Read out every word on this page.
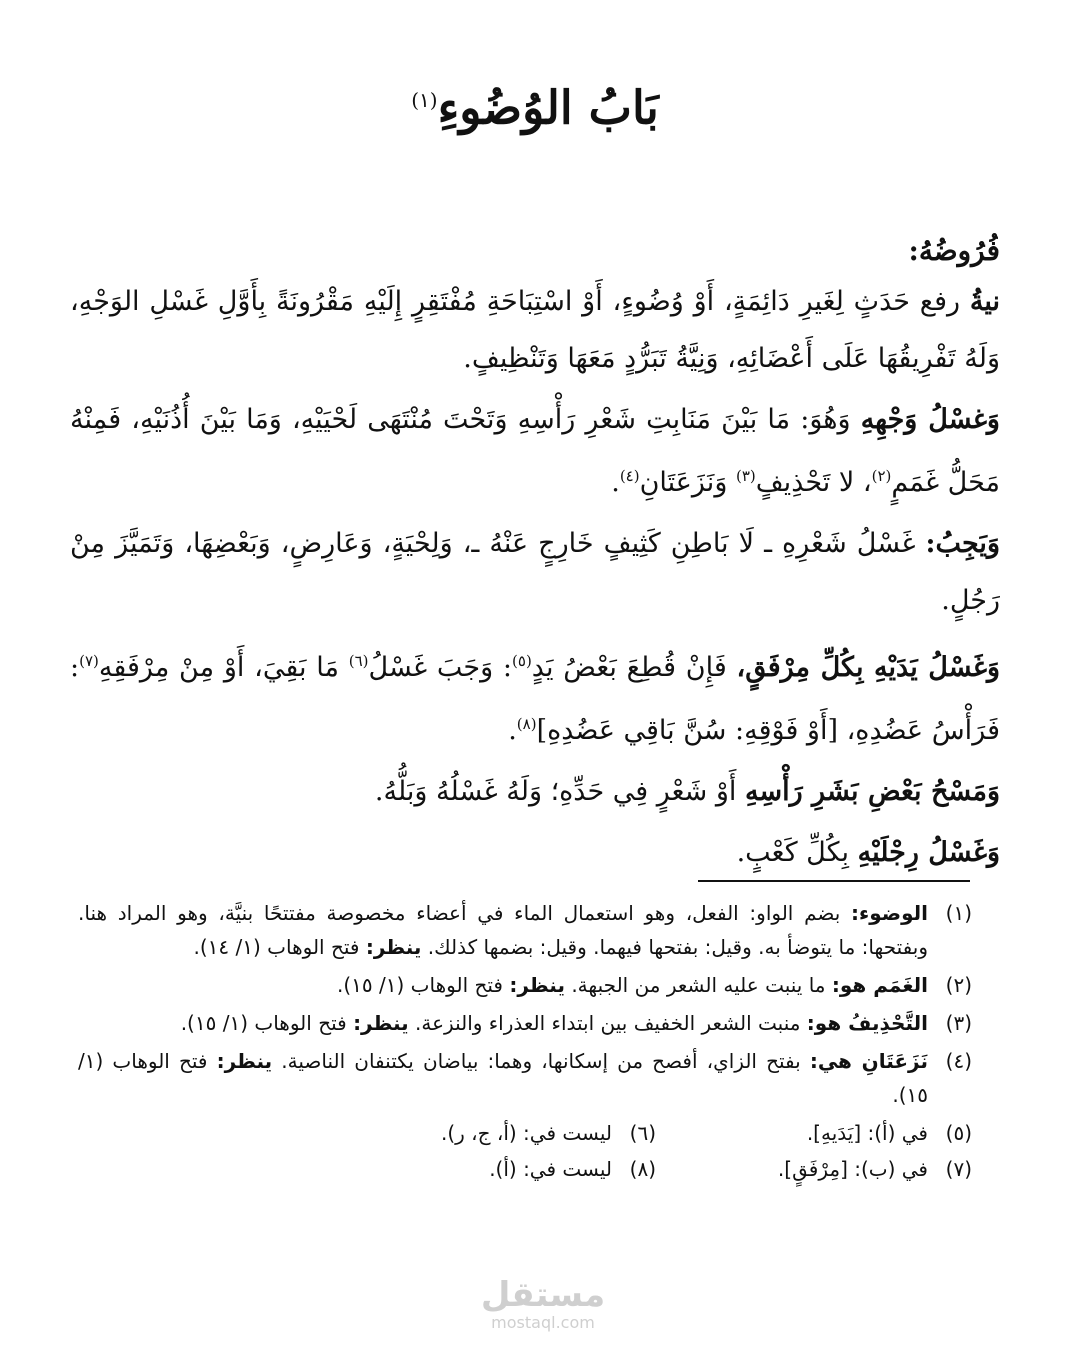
بَابُ الوُضُوءِ$^{(١)}$
فُرُوضُهُ:

نيةُ رفع حَدَثٍ لِغَيرِ دَائِمَةٍ، أَوْ وُضُوءٍ، أَوْ اسْتِبَاحَةِ مُفْتَقِرٍ إِلَيْهِ مَقْرُونَةً بِأَوَّلِ غَسْلِ الوَجْهِ، وَلَهُ تَفْرِيقُهَا عَلَى أَعْضَائِهِ، وَنِيَّةُ تَبَرُّدٍ مَعَهَا وَتَنْظِيفٍ.

وَغسْلُ وَجْهِهِ وَهُوَ: مَا بَيْنَ مَنَابِتِ شَعْرِ رَأْسِهِ وَتَحْتَ مُنْتَهَى لَحْيَيْهِ، وَمَا بَيْنَ أُذُنَيْهِ، فَمِنْهُ مَحَلُّ غَمَمٍ$^{(٢)}$، لا تَحْذِيفٍ$^{(٣)}$ وَنَزَعَتَانِ$^{(٤)}$.

وَيَجِبُ: غَسْلُ شَعْرِهِ ـ لَا بَاطِنِ كَثِيفٍ خَارِجٍ عَنْهُ ـ، وَلِحْيَةٍ، وَعَارِضٍ، وَبَعْضِهَا، وَتَمَيَّزَ مِنْ رَجُلٍ.

وَغَسْلُ يَدَيْهِ بِكُلِّ مِرْفَقٍ، فَإِنْ قُطِعَ بَعْضُ يَدٍ$^{(٥)}$: وَجَبَ غَسْلُ$^{(٦)}$ مَا بَقِيَ، أَوْ مِنْ مِرْفَقِهِ$^{(٧)}$: فَرَأْسُ عَضُدِهِ، [أَوْ فَوْقِهِ: سُنَّ بَاقِي عَضُدِهِ]$^{(٨)}$.

وَمَسْحُ بَعْضِ بَشَرِ رَأْسِهِ أَوْ شَعْرٍ فِي حَدِّهِ؛ وَلَهُ غَسْلُهُ وَبَلُّهُ.

وَغَسْلُ رِجْلَيْهِ بِكُلِّ كَعْبٍ.

(١)
الوضوء: بضم الواو: الفعل، وهو استعمال الماء في أعضاء مخصوصة مفتتحًا بنيَّة، وهو المراد هنا. وبفتحها: ما يتوضأ به. وقيل: بفتحها فيهما. وقيل: بضمها كذلك. ينظر: فتح الوهاب (١/ ١٤).
(٢)
الغَمَم هو: ما ينبت عليه الشعر من الجبهة. ينظر: فتح الوهاب (١/ ١٥).
(٣)
التَّحْذِيفُ هو: منبت الشعر الخفيف بين ابتداء العذراء والنزعة. ينظر: فتح الوهاب (١/ ١٥).
(٤)
نَزَعَتَانِ هي: بفتح الزاي، أفصح من إسكانها، وهما: بياضان يكتنفان الناصية. ينظر: فتح الوهاب (١/ ١٥).
(٥)
في (أ): [يَدَيهِ].
(٦)
ليست في: (أ، ج، ر).
(٧)
في (ب): [مِرْفَقٍ].
(٨)
ليست في: (أ).
مستقل
mostaql.com
